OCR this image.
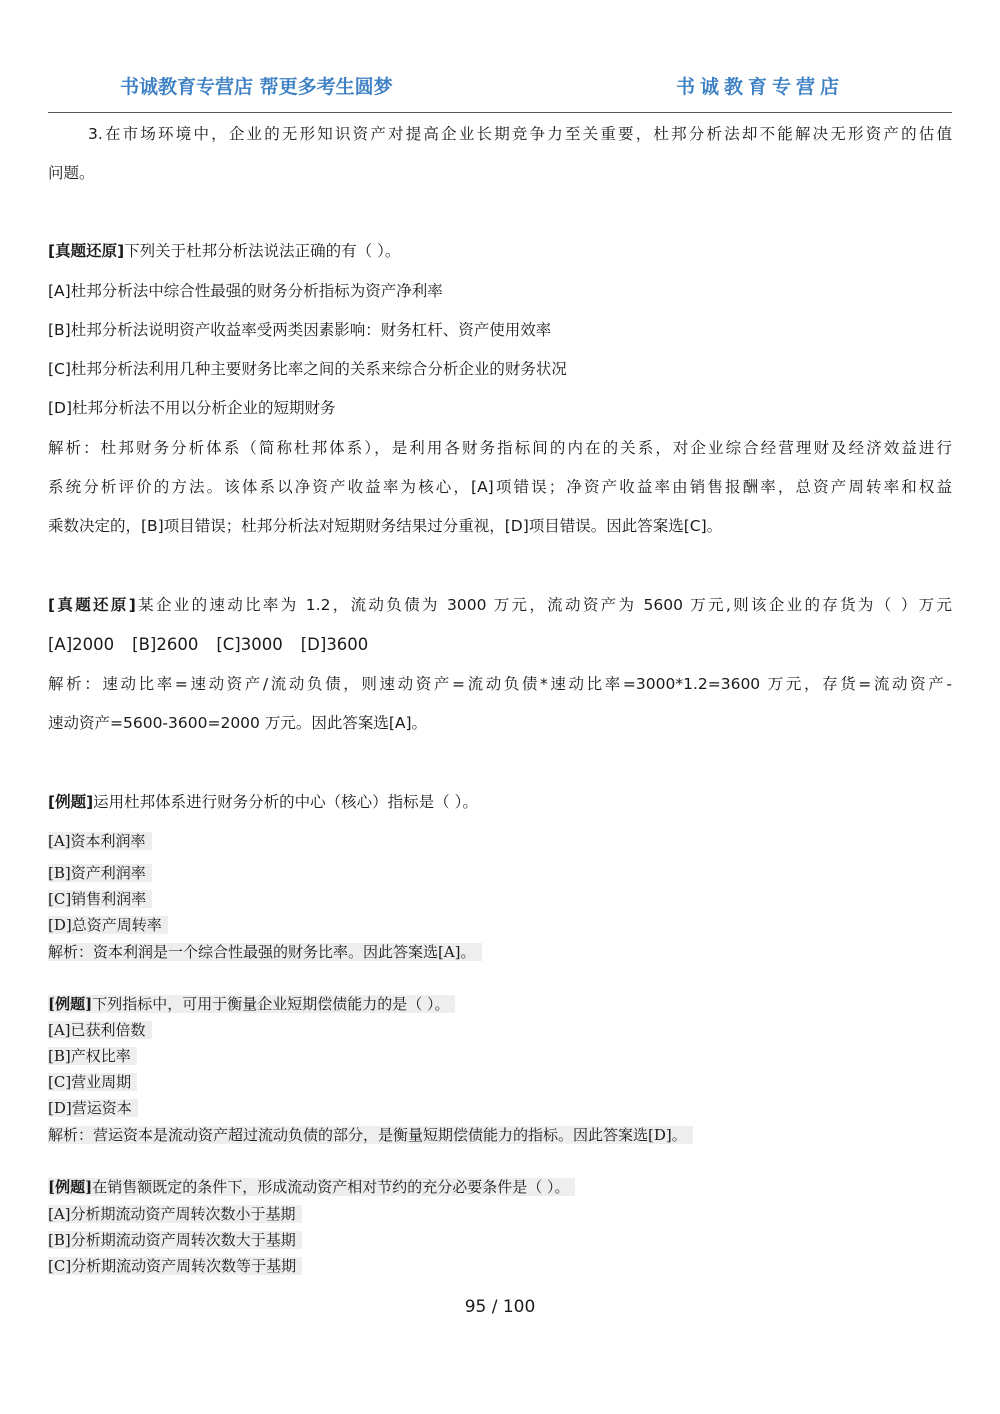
书诚教育专营店 帮更多考生圆梦	书诚教育专营店
3.在市场环境中，企业的无形知识资产对提高企业长期竞争力至关重要，杜邦分析法却不能解决无形资产的估值
问题。
[真题还原]下列关于杜邦分析法说法正确的有（ ）。
[A]杜邦分析法中综合性最强的财务分析指标为资产净利率
[B]杜邦分析法说明资产收益率受两类因素影响：财务杠杆、资产使用效率
[C]杜邦分析法利用几种主要财务比率之间的关系来综合分析企业的财务状况
[D]杜邦分析法不用以分析企业的短期财务
解析：杜邦财务分析体系（简称杜邦体系），是利用各财务指标间的内在的关系，对企业综合经营理财及经济效益进行
系统分析评价的方法。该体系以净资产收益率为核心，[A]项错误；净资产收益率由销售报酬率，总资产周转率和权益
乘数决定的，[B]项目错误；杜邦分析法对短期财务结果过分重视，[D]项目错误。因此答案选[C]。
[真题还原]某企业的速动比率为 1.2，流动负债为 3000 万元，流动资产为 5600 万元,则该企业的存货为（ ）万元
[A]2000 [B]2600 [C]3000 [D]3600
解析：速动比率=速动资产/流动负债，则速动资产=流动负债*速动比率=3000*1.2=3600 万元，存货=流动资产-
速动资产=5600-3600=2000 万元。因此答案选[A]。
[例题]运用杜邦体系进行财务分析的中心（核心）指标是（ ）。
[A]资本利润率
[B]资产利润率
[C]销售利润率
[D]总资产周转率
解析：资本利润是一个综合性最强的财务比率。因此答案选[A]。
[例题]下列指标中，可用于衡量企业短期偿债能力的是（ ）。
[A]已获利倍数
[B]产权比率
[C]营业周期
[D]营运资本
解析：营运资本是流动资产超过流动负债的部分，是衡量短期偿债能力的指标。因此答案选[D]。
[例题]在销售额既定的条件下，形成流动资产相对节约的充分必要条件是（ ）。
[A]分析期流动资产周转次数小于基期
[B]分析期流动资产周转次数大于基期
[C]分析期流动资产周转次数等于基期
95 / 100
